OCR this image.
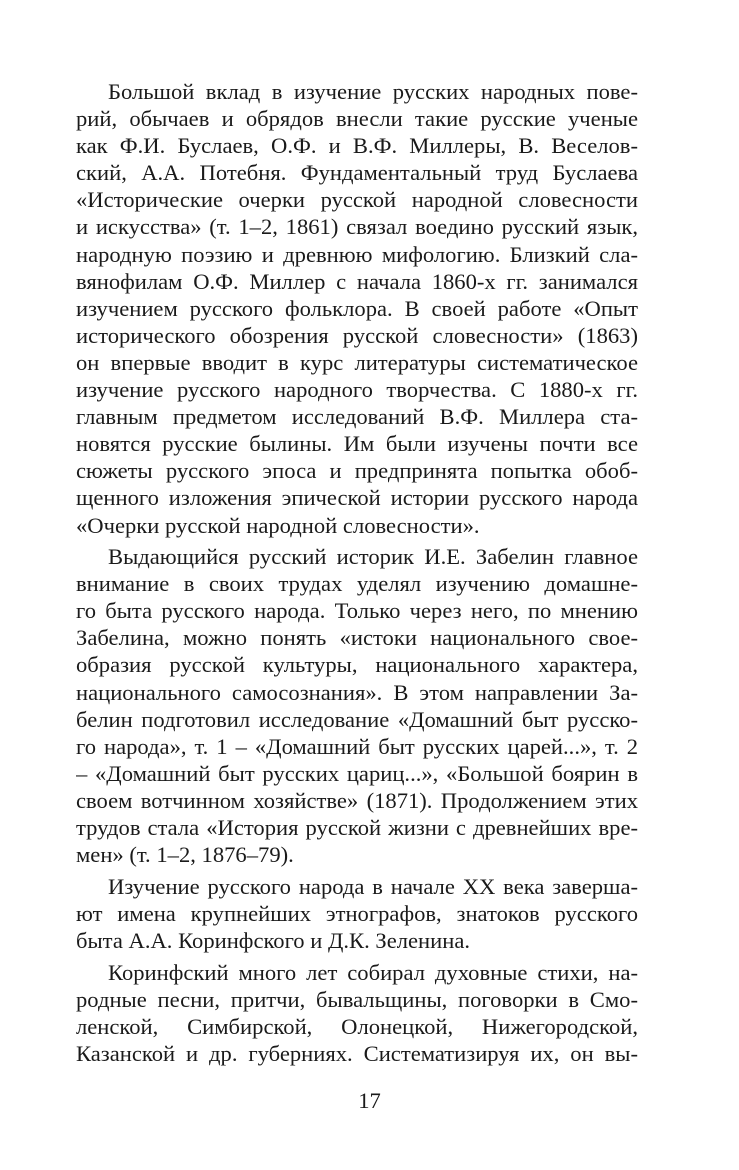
Большой вклад в изучение русских народных пове-
рий, обычаев и обрядов внесли такие русские ученые
как Ф.И. Буслаев, О.Ф. и В.Ф. Миллеры, В. Веселов-
ский, А.А. Потебня. Фундаментальный труд Буслаева
«Исторические очерки русской народной словесности
и искусства» (т. 1–2, 1861) связал воедино русский язык,
народную поэзию и древнюю мифологию. Близкий сла-
вянофилам О.Ф. Миллер с начала 1860-х гг. занимался
изучением русского фольклора. В своей работе «Опыт
исторического обозрения русской словесности» (1863)
он впервые вводит в курс литературы систематическое
изучение русского народного творчества. С 1880-х гг.
главным предметом исследований В.Ф. Миллера ста-
новятся русские былины. Им были изучены почти все
сюжеты русского эпоса и предпринята попытка обоб-
щенного изложения эпической истории русского народа
«Очерки русской народной словесности».
Выдающийся русский историк И.Е. Забелин главное
внимание в своих трудах уделял изучению домашне-
го быта русского народа. Только через него, по мнению
Забелина, можно понять «истоки национального свое-
образия русской культуры, национального характера,
национального самосознания». В этом направлении За-
белин подготовил исследование «Домашний быт русско-
го народа», т. 1 – «Домашний быт русских царей...», т. 2
– «Домашний быт русских цариц...», «Большой боярин в
своем вотчинном хозяйстве» (1871). Продолжением этих
трудов стала «История русской жизни с древнейших вре-
мен» (т. 1–2, 1876–79).
Изучение русского народа в начале XX века заверша-
ют имена крупнейших этнографов, знатоков русского
быта А.А. Коринфского и Д.К. Зеленина.
Коринфский много лет собирал духовные стихи, на-
родные песни, притчи, бывальщины, поговорки в Смо-
ленской, Симбирской, Олонецкой, Нижегородской,
Казанской и др. губерниях. Систематизируя их, он вы-
17
